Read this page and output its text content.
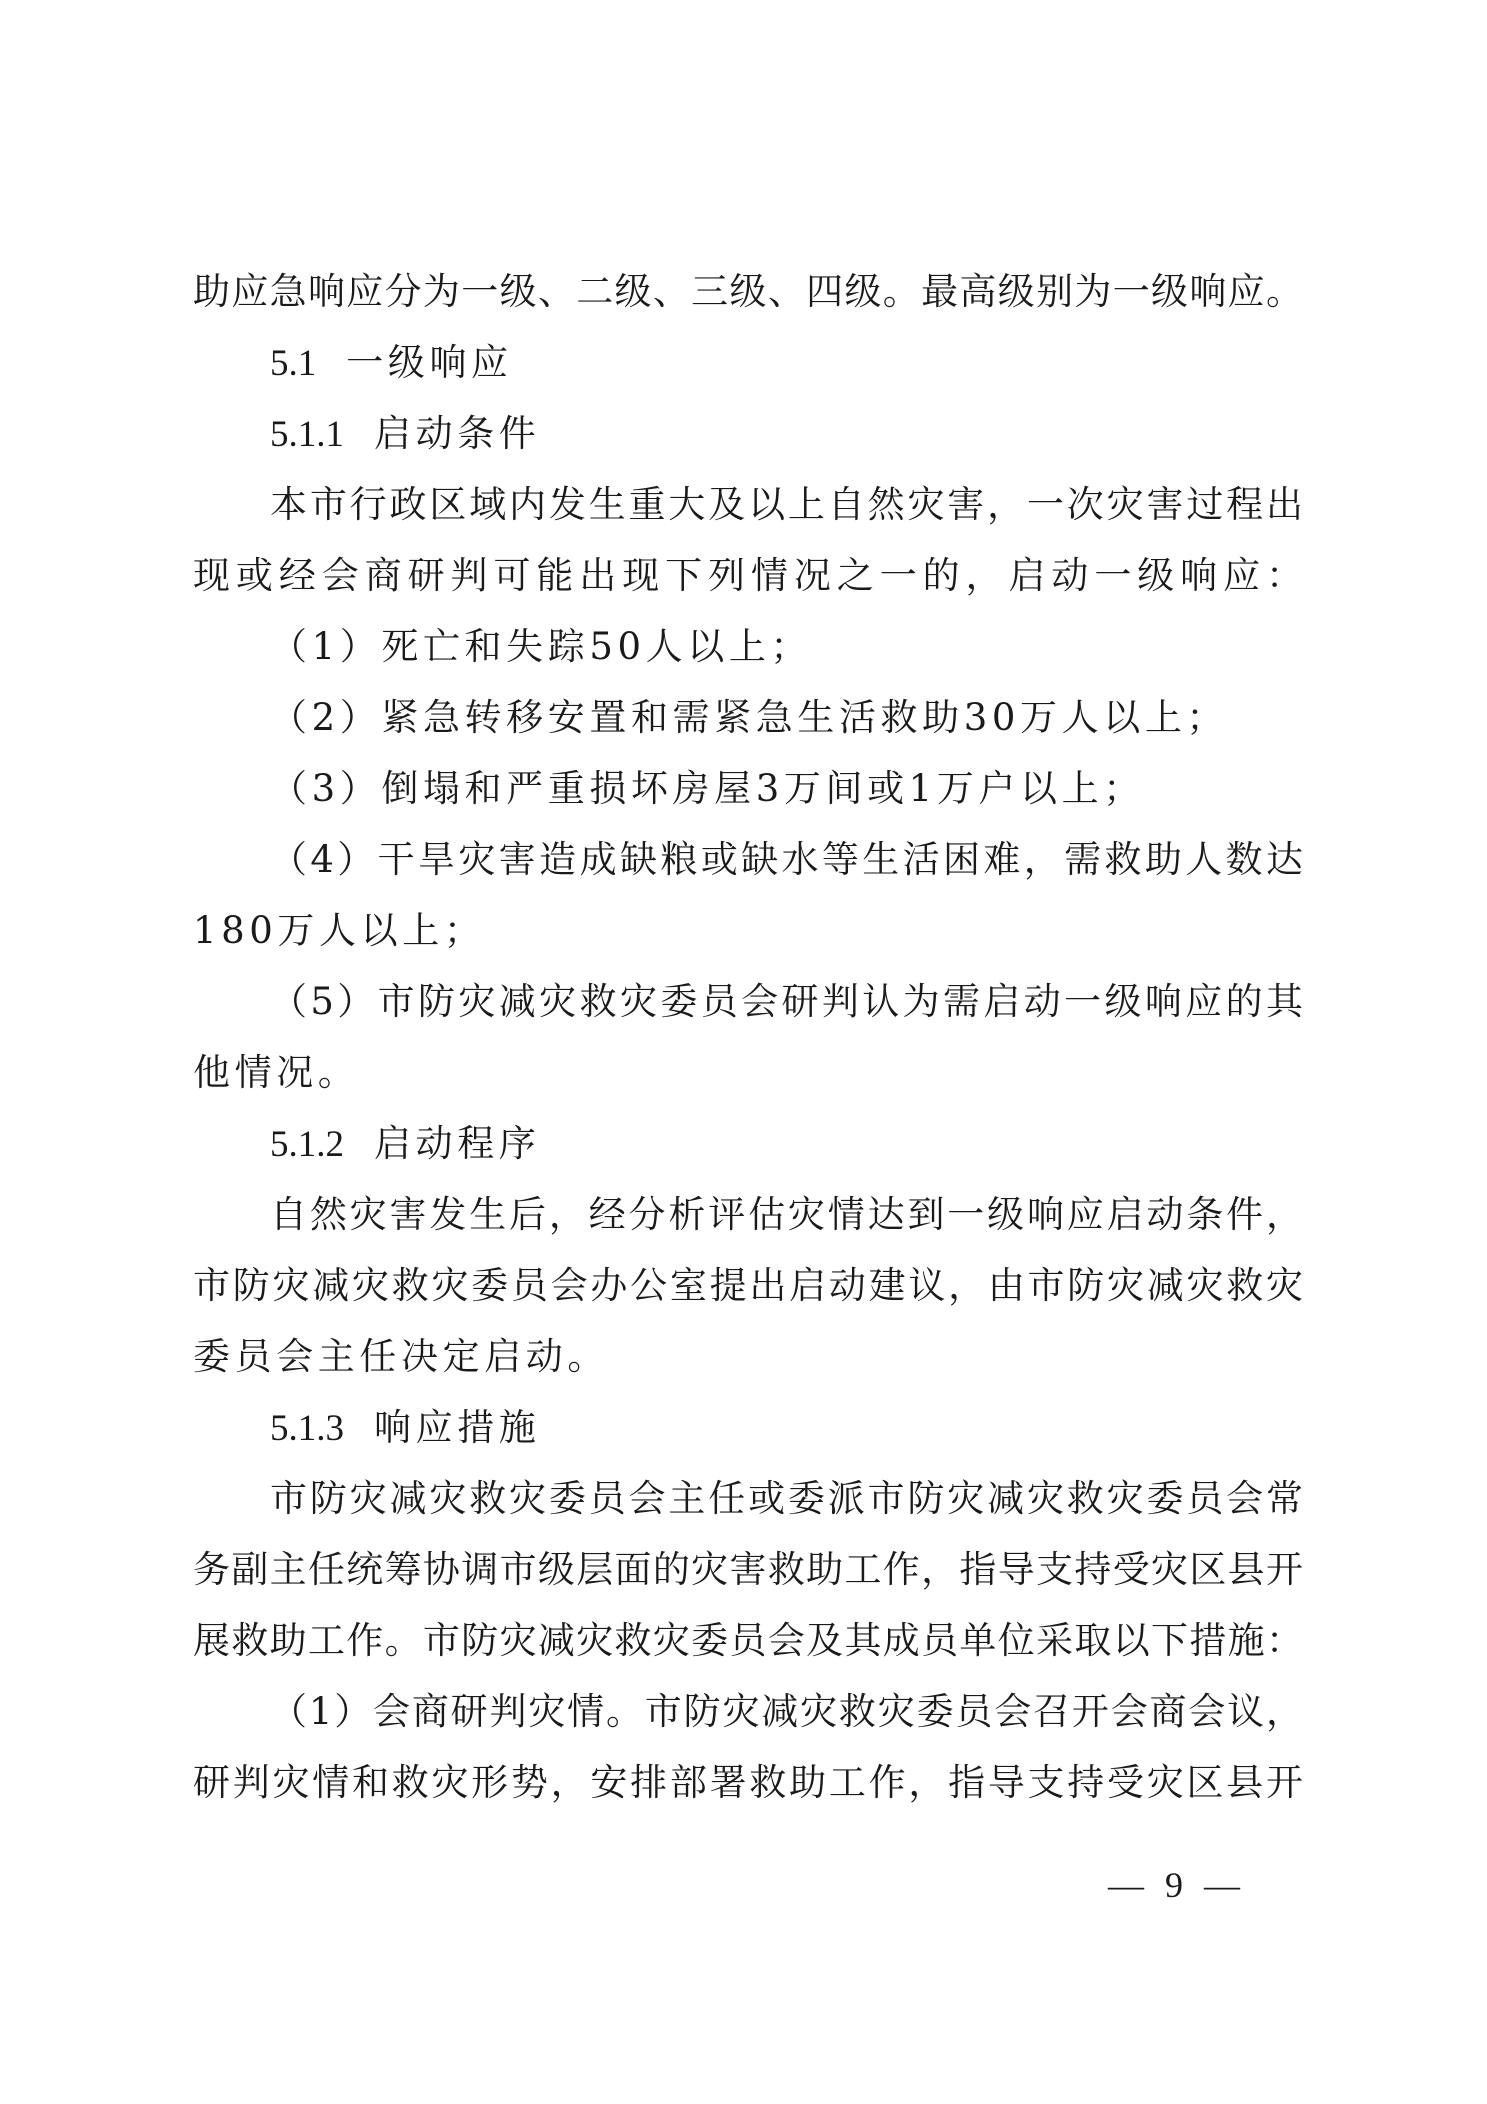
助应急响应分为一级、二级、三级、四级。最高级别为一级响应。
5.1 一级响应
5.1.1 启动条件
本市行政区域内发生重大及以上自然灾害，一次灾害过程出
现或经会商研判可能出现下列情况之一的，启动一级响应：
（1）死亡和失踪50人以上；
（2）紧急转移安置和需紧急生活救助30万人以上；
（3）倒塌和严重损坏房屋3万间或1万户以上；
（4）干旱灾害造成缺粮或缺水等生活困难，需救助人数达
180万人以上；
（5）市防灾减灾救灾委员会研判认为需启动一级响应的其
他情况。
5.1.2 启动程序
自然灾害发生后，经分析评估灾情达到一级响应启动条件，
市防灾减灾救灾委员会办公室提出启动建议，由市防灾减灾救灾
委员会主任决定启动。
5.1.3 响应措施
市防灾减灾救灾委员会主任或委派市防灾减灾救灾委员会常
务副主任统筹协调市级层面的灾害救助工作，指导支持受灾区县开
展救助工作。市防灾减灾救灾委员会及其成员单位采取以下措施：
（1）会商研判灾情。市防灾减灾救灾委员会召开会商会议，
研判灾情和救灾形势，安排部署救助工作，指导支持受灾区县开
— 9 —
